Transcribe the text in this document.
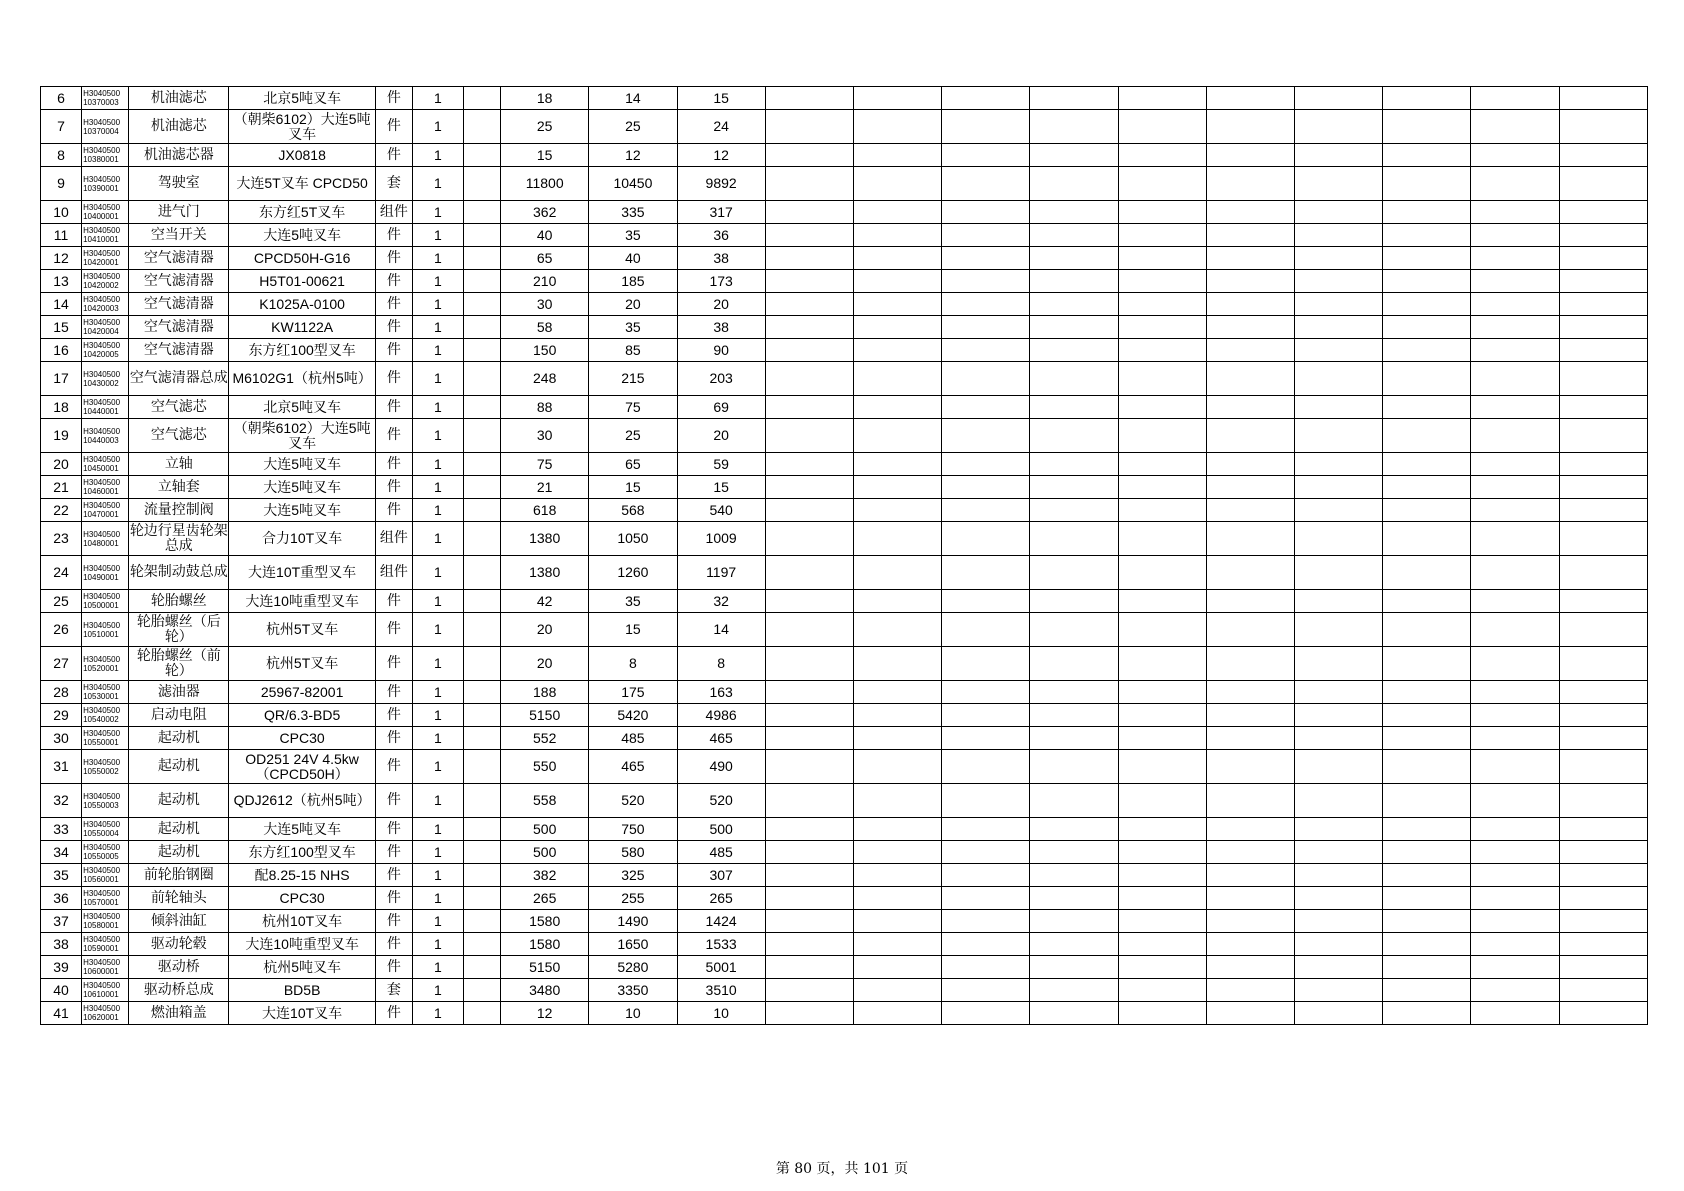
6	H3040500 10370003	机油滤芯	北京5吨叉车	件	1		18	14	15										
7	H3040500 10370004	机油滤芯	（朝柴6102）大连5吨叉车	件	1		25	25	24										
8	H3040500 10380001	机油滤芯器	JX0818	件	1		15	12	12										
9	H3040500 10390001	驾驶室	大连5T叉车 CPCD50	套	1		11800	10450	9892										
10	H3040500 10400001	进气门	东方红5T叉车	组件	1		362	335	317										
11	H3040500 10410001	空当开关	大连5吨叉车	件	1		40	35	36										
12	H3040500 10420001	空气滤清器	CPCD50H-G16	件	1		65	40	38										
13	H3040500 10420002	空气滤清器	H5T01-00621	件	1		210	185	173										
14	H3040500 10420003	空气滤清器	K1025A-0100	件	1		30	20	20										
15	H3040500 10420004	空气滤清器	KW1122A	件	1		58	35	38										
16	H3040500 10420005	空气滤清器	东方红100型叉车	件	1		150	85	90										
17	H3040500 10430002	空气滤清器总成	M6102G1（杭州5吨）	件	1		248	215	203										
18	H3040500 10440001	空气滤芯	北京5吨叉车	件	1		88	75	69										
19	H3040500 10440003	空气滤芯	（朝柴6102）大连5吨叉车	件	1		30	25	20										
20	H3040500 10450001	立轴	大连5吨叉车	件	1		75	65	59										
21	H3040500 10460001	立轴套	大连5吨叉车	件	1		21	15	15										
22	H3040500 10470001	流量控制阀	大连5吨叉车	件	1		618	568	540										
23	H3040500 10480001	轮边行星齿轮架总成	合力10T叉车	组件	1		1380	1050	1009										
24	H3040500 10490001	轮架制动鼓总成	大连10T重型叉车	组件	1		1380	1260	1197										
25	H3040500 10500001	轮胎螺丝	大连10吨重型叉车	件	1		42	35	32										
26	H3040500 10510001	轮胎螺丝（后轮）	杭州5T叉车	件	1		20	15	14										
27	H3040500 10520001	轮胎螺丝（前轮）	杭州5T叉车	件	1		20	8	8										
28	H3040500 10530001	滤油器	25967-82001	件	1		188	175	163										
29	H3040500 10540002	启动电阻	QR/6.3-BD5	件	1		5150	5420	4986										
30	H3040500 10550001	起动机	CPC30	件	1		552	485	465										
31	H3040500 10550002	起动机	OD251 24V 4.5kw（CPCD50H）	件	1		550	465	490										
32	H3040500 10550003	起动机	QDJ2612（杭州5吨）	件	1		558	520	520										
33	H3040500 10550004	起动机	大连5吨叉车	件	1		500	750	500										
34	H3040500 10550005	起动机	东方红100型叉车	件	1		500	580	485										
35	H3040500 10560001	前轮胎钢圈	配8.25-15 NHS	件	1		382	325	307										
36	H3040500 10570001	前轮轴头	CPC30	件	1		265	255	265										
37	H3040500 10580001	倾斜油缸	杭州10T叉车	件	1		1580	1490	1424										
38	H3040500 10590001	驱动轮毂	大连10吨重型叉车	件	1		1580	1650	1533										
39	H3040500 10600001	驱动桥	杭州5吨叉车	件	1		5150	5280	5001										
40	H3040500 10610001	驱动桥总成	BD5B	套	1		3480	3350	3510										
41	H3040500 10620001	燃油箱盖	大连10T叉车	件	1		12	10	10										
第 80 页，共 101 页
